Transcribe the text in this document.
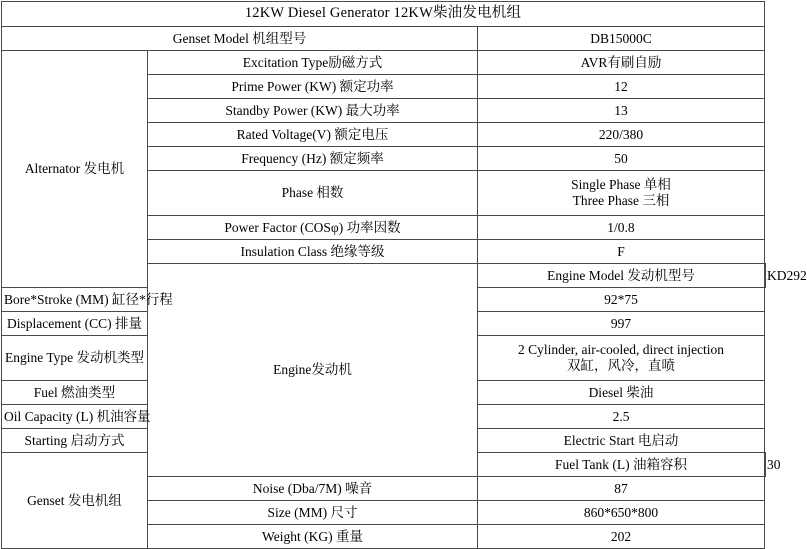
12KW Diesel Generator 12KW柴油发电机组			
Genset Model 机组型号		DB15000C	
Alternator 发电机	Excitation Type励磁方式	AVR有刷自励	
	Prime Power (KW) 额定功率	12	
	Standby Power (KW) 最大功率	13	
	Rated Voltage(V) 额定电压	220/380	
	Frequency (Hz) 额定频率	50	
	Phase 相数	Single Phase 单相
Three Phase 三相	

	Power Factor (COSφ) 功率因数	1/0.8	
	Insulation Class 绝缘等级	F	
	Engine发动机	Engine Model 发动机型号	KD292
Bore*Stroke (MM) 缸径*行程		92*75	
Displacement (CC) 排量		997	
Engine Type 发动机类型		2 Cylinder, air-cooled, direct injection
双缸，风冷，直喷	

Fuel 燃油类型		Diesel 柴油	
Oil Capacity (L) 机油容量		2.5	
Starting 启动方式		Electric Start 电启动	
Genset 发电机组		Fuel Tank (L) 油箱容积	30
	Noise (Dba/7M) 噪音	87	
	Size (MM) 尺寸	860*650*800	
	Weight (KG) 重量	202	
